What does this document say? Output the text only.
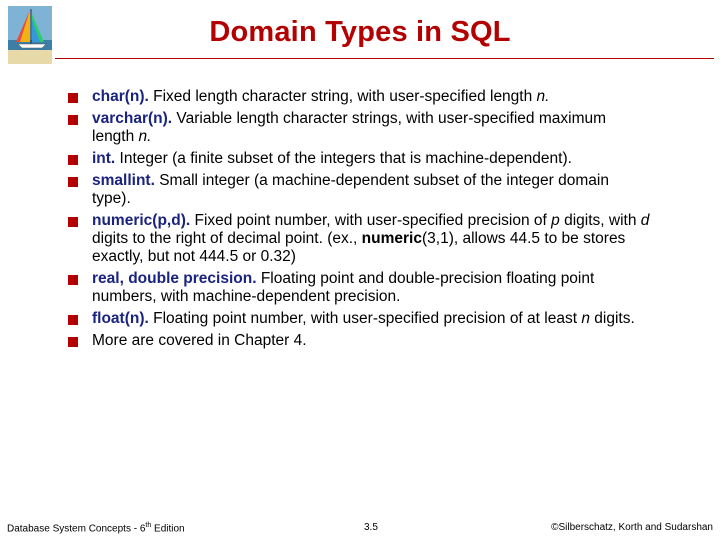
Domain Types in SQL
char(n). Fixed length character string, with user-specified length n.
varchar(n). Variable length character strings, with user-specified maximum length n.
int. Integer (a finite subset of the integers that is machine-dependent).
smallint. Small integer (a machine-dependent subset of the integer domain type).
numeric(p,d). Fixed point number, with user-specified precision of p digits, with d digits to the right of decimal point. (ex., numeric(3,1), allows 44.5 to be stores exactly, but not 444.5 or 0.32)
real, double precision. Floating point and double-precision floating point numbers, with machine-dependent precision.
float(n). Floating point number, with user-specified precision of at least n digits.
More are covered in Chapter 4.
Database System Concepts - 6th Edition	3.5	©Silberschatz, Korth and Sudarshan
